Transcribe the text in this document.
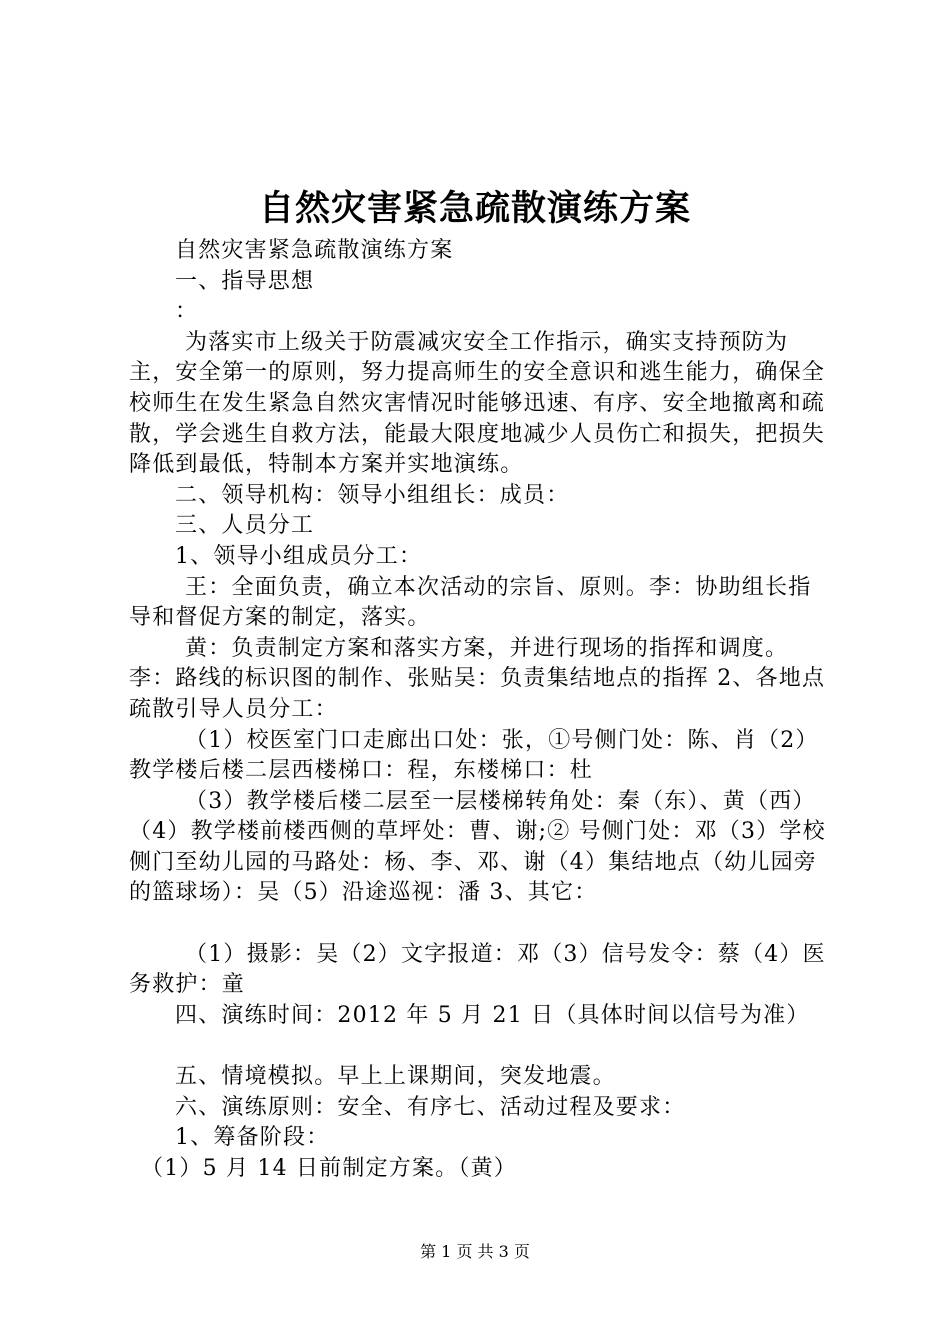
自然灾害紧急疏散演练方案

自然灾害紧急疏散演练方案

一、指导思想

：

为落实市上级关于防震减灾安全工作指示，确实支持预防为主，安全第一的原则，努力提高师生的安全意识和逃生能力，确保全校师生在发生紧急自然灾害情况时能够迅速、有序、安全地撤离和疏散，学会逃生自救方法，能最大限度地减少人员伤亡和损失，把损失降低到最低，特制本方案并实地演练。

二、领导机构：领导小组组长：成员：

三、人员分工

1、领导小组成员分工：

王：全面负责，确立本次活动的宗旨、原则。李：协助组长指导和督促方案的制定，落实。

黄：负责制定方案和落实方案，并进行现场的指挥和调度。李：路线的标识图的制作、张贴吴：负责集结地点的指挥 2、各地点疏散引导人员分工：

（1）校医室门口走廊出口处：张，①号侧门处：陈、肖（2）教学楼后楼二层西楼梯口：程，东楼梯口：杜

（3）教学楼后楼二层至一层楼梯转角处：秦（东）、黄（西）（4）教学楼前楼西侧的草坪处：曹、谢;② 号侧门处：邓（3）学校侧门至幼儿园的马路处：杨、李、邓、谢（4）集结地点（幼儿园旁的篮球场）：吴（5）沿途巡视：潘 3、其它：

（1）摄影：吴（2）文字报道：邓（3）信号发令：蔡（4）医务救护：童

四、演练时间：2012 年 5 月 21 日（具体时间以信号为准）

五、情境模拟。早上上课期间，突发地震。

六、演练原则：安全、有序七、活动过程及要求：

1、筹备阶段：

（1）5 月 14 日前制定方案。（黄）

第 1 页 共 3 页
